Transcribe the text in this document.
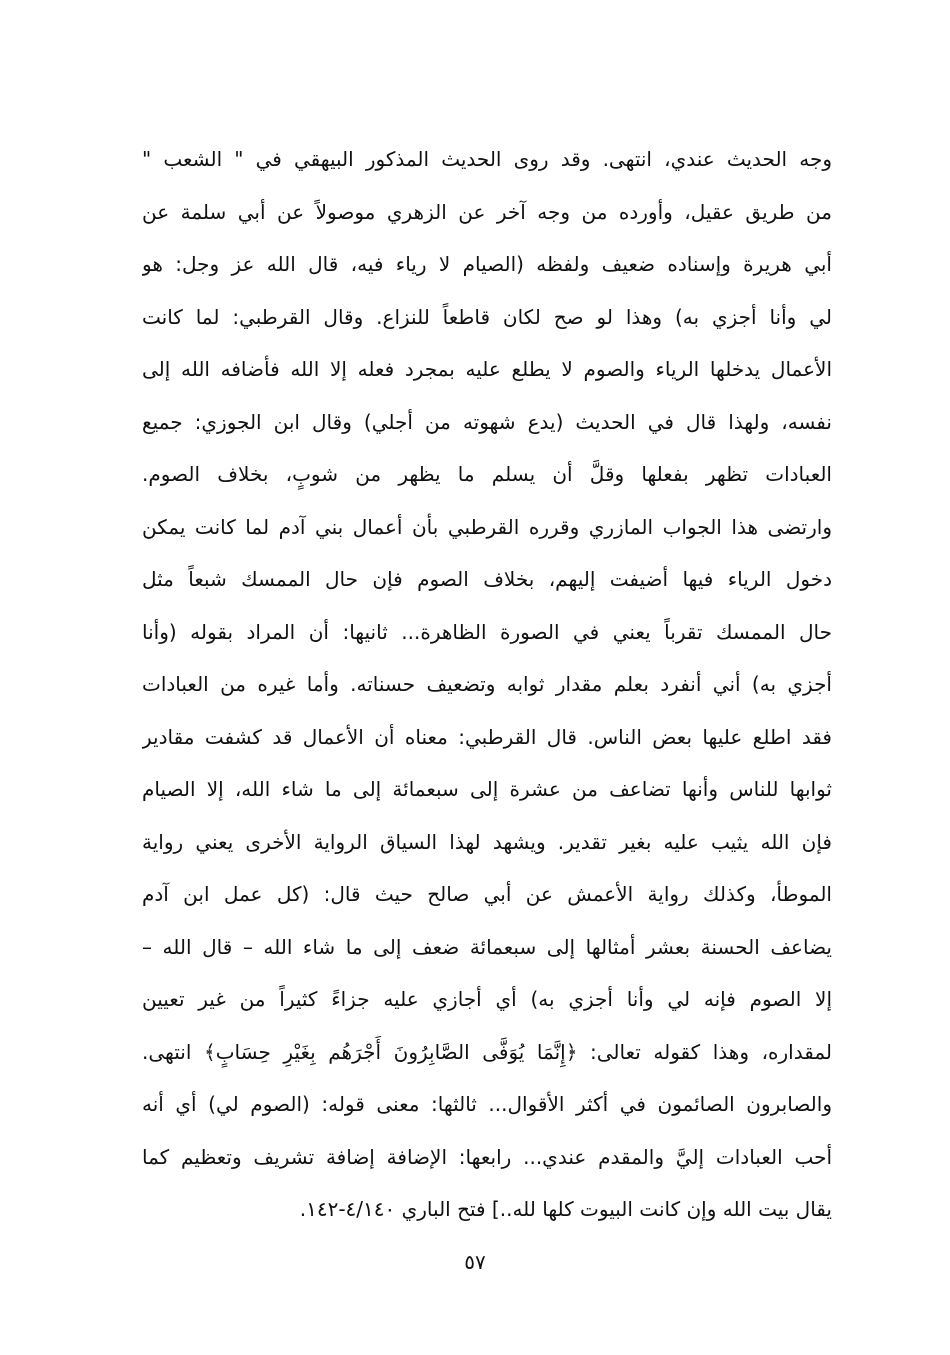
وجه الحديث عندي، انتهى. وقد روى الحديث المذكور البيهقي في " الشعب "
من طريق عقيل، وأورده من وجه آخر عن الزهري موصولاً عن أبي سلمة عن
أبي هريرة وإسناده ضعيف ولفظه (الصيام لا رياء فيه، قال الله عز وجل: هو
لي وأنا أجزي به) وهذا لو صح لكان قاطعاً للنزاع. وقال القرطبي: لما كانت
الأعمال يدخلها الرياء والصوم لا يطلع عليه بمجرد فعله إلا الله فأضافه الله إلى
نفسه، ولهذا قال في الحديث (يدع شهوته من أجلي) وقال ابن الجوزي: جميع
العبادات تظهر بفعلها وقلَّ أن يسلم ما يظهر من شوبٍ، بخلاف الصوم.
وارتضى هذا الجواب المازري وقرره القرطبي بأن أعمال بني آدم لما كانت يمكن
دخول الرياء فيها أضيفت إليهم، بخلاف الصوم فإن حال الممسك شبعاً مثل
حال الممسك تقرباً يعني في الصورة الظاهرة... ثانيها: أن المراد بقوله (وأنا
أجزي به) أني أنفرد بعلم مقدار ثوابه وتضعيف حسناته. وأما غيره من العبادات
فقد اطلع عليها بعض الناس. قال القرطبي: معناه أن الأعمال قد كشفت مقادير
ثوابها للناس وأنها تضاعف من عشرة إلى سبعمائة إلى ما شاء الله، إلا الصيام
فإن الله يثيب عليه بغير تقدير. ويشهد لهذا السياق الرواية الأخرى يعني رواية
الموطأ، وكذلك رواية الأعمش عن أبي صالح حيث قال: (كل عمل ابن آدم
يضاعف الحسنة بعشر أمثالها إلى سبعمائة ضعف إلى ما شاء الله – قال الله –
إلا الصوم فإنه لي وأنا أجزي به) أي أجازي عليه جزاءً كثيراً من غير تعيين
لمقداره، وهذا كقوله تعالى: ﴿إِنَّمَا يُوَفَّى الصَّابِرُونَ أَجْرَهُم بِغَيْرِ حِسَابٍ﴾ انتهى.
والصابرون الصائمون في أكثر الأقوال... ثالثها: معنى قوله: (الصوم لي) أي أنه
أحب العبادات إليَّ والمقدم عندي... رابعها: الإضافة إضافة تشريف وتعظيم كما
يقال بيت الله وإن كانت البيوت كلها لله..] فتح الباري ٤/١٤٠-١٤٢.
٥٧
